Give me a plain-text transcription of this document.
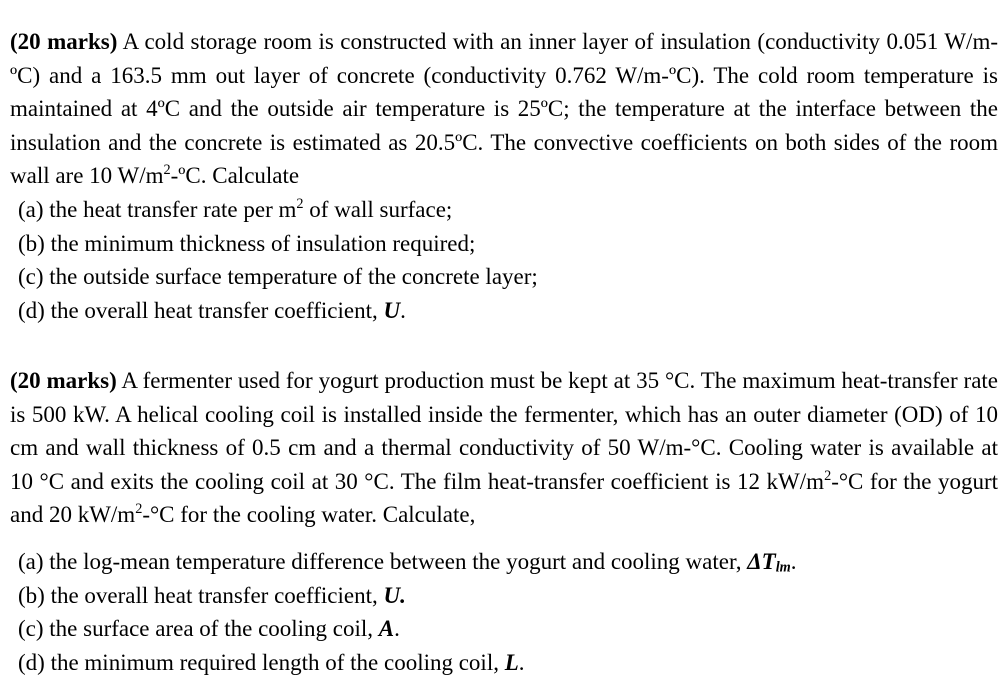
(20 marks) A cold storage room is constructed with an inner layer of insulation (conductivity 0.051 W/m-ºC) and a 163.5 mm out layer of concrete (conductivity 0.762 W/m-ºC). The cold room temperature is maintained at 4ºC and the outside air temperature is 25ºC; the temperature at the interface between the insulation and the concrete is estimated as 20.5ºC. The convective coefficients on both sides of the room wall are 10 $W/m^2-ºC$. Calculate

(a) the heat transfer rate per $m^2$ of wall surface;
(b) the minimum thickness of insulation required;
(c) the outside surface temperature of the concrete layer;
(d) the overall heat transfer coefficient, U.

(20 marks) A fermenter used for yogurt production must be kept at 35 °C. The maximum heat-transfer rate is 500 kW. A helical cooling coil is installed inside the fermenter, which has an outer diameter (OD) of 10 cm and wall thickness of 0.5 cm and a thermal conductivity of 50 W/m-°C. Cooling water is available at 10 °C and exits the cooling coil at 30 °C. The film heat-transfer coefficient is 12 $kW/m^2-^\circ C$ for the yogurt and 20 $kW/m^2-^\circ C$ for the cooling water. Calculate,

(a) the log-mean temperature difference between the yogurt and cooling water, $\Delta T_{lm}$.
(b) the overall heat transfer coefficient, U.
(c) the surface area of the cooling coil, A.
(d) the minimum required length of the cooling coil, L.
